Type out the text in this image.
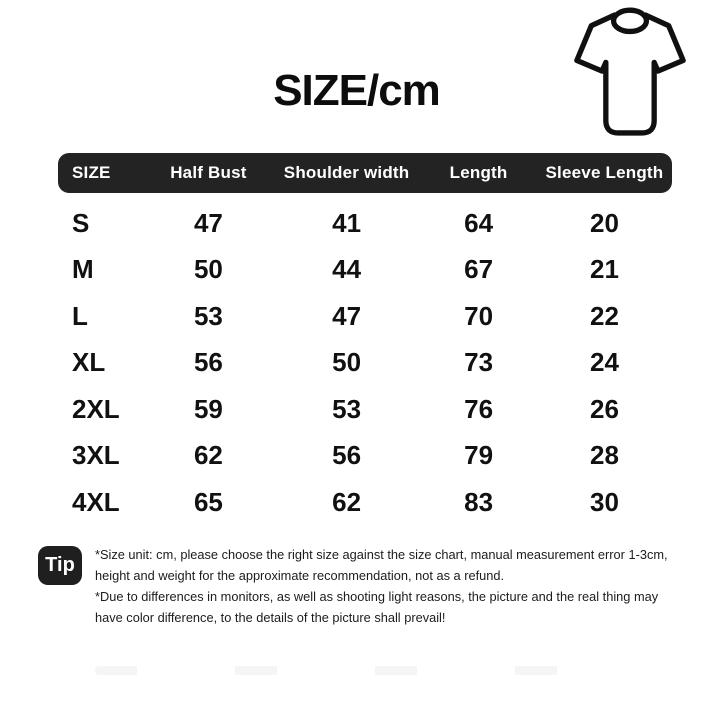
SIZE/cm
SIZE	Half Bust	Shoulder width	Length	Sleeve Length
S	47	41	64	20
M	50	44	67	21
L	53	47	70	22
XL	56	50	73	24
2XL	59	53	76	26
3XL	62	56	79	28
4XL	65	62	83	30
Tip	*Size unit: cm, please choose the right size against the size chart, manual measurement error 1-3cm,
height and weight for the approximate recommendation, not as a refund.
*Due to differences in monitors, as well as shooting light reasons, the picture and the real thing may
have color difference, to the details of the picture shall prevail!
